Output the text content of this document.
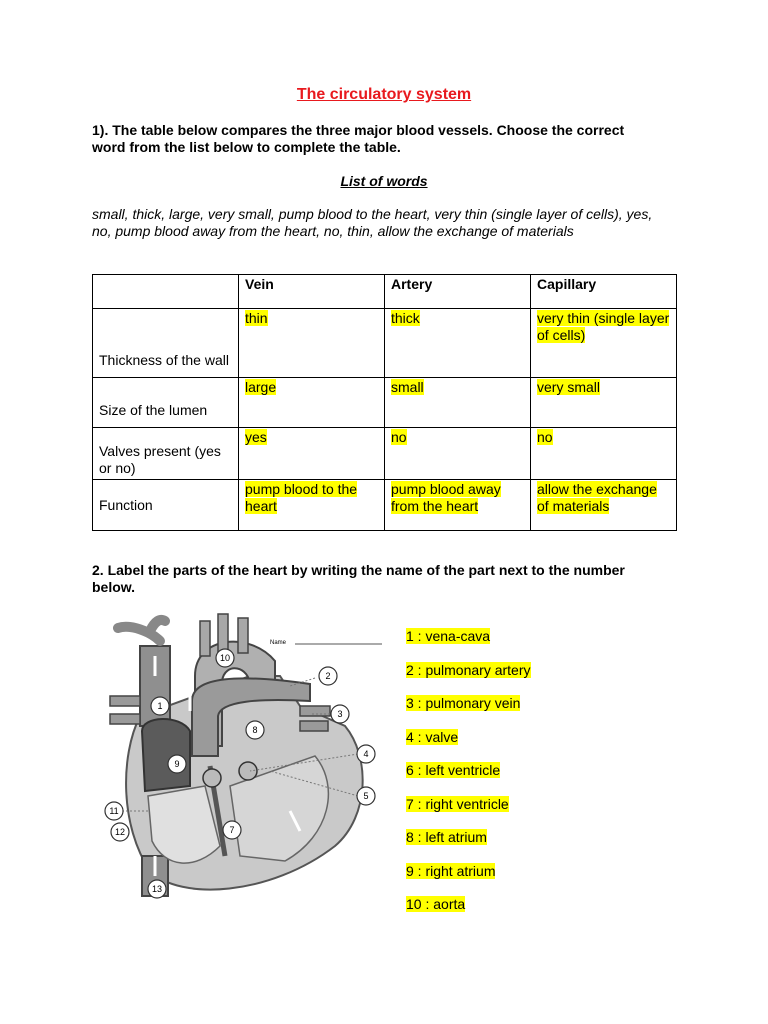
The circulatory system
1). The table below compares the three major blood vessels. Choose the correct word from the list below to complete the table.
List of words
small, thick, large, very small, pump blood to the heart, very thin (single layer of cells), yes, no, pump blood away from the heart, no, thin, allow the exchange of materials
	Vein	Artery	Capillary
Thickness of the wall	thin	thick	very thin (single layer of cells)
Size of the lumen	large	small	very small
Valves present (yes or no)	yes	no	no
Function	pump blood to the heart	pump blood away from the heart	allow the exchange of materials
2. Label the parts of the heart by writing the name of the part next to the number below.
Name
1
2
3
4
5
7
8
9
10
11
12
13
1 : vena-cava
2 : pulmonary artery
3 : pulmonary vein
4 : valve
6 : left ventricle
7 : right ventricle
8 : left atrium
9 : right atrium
10 : aorta
